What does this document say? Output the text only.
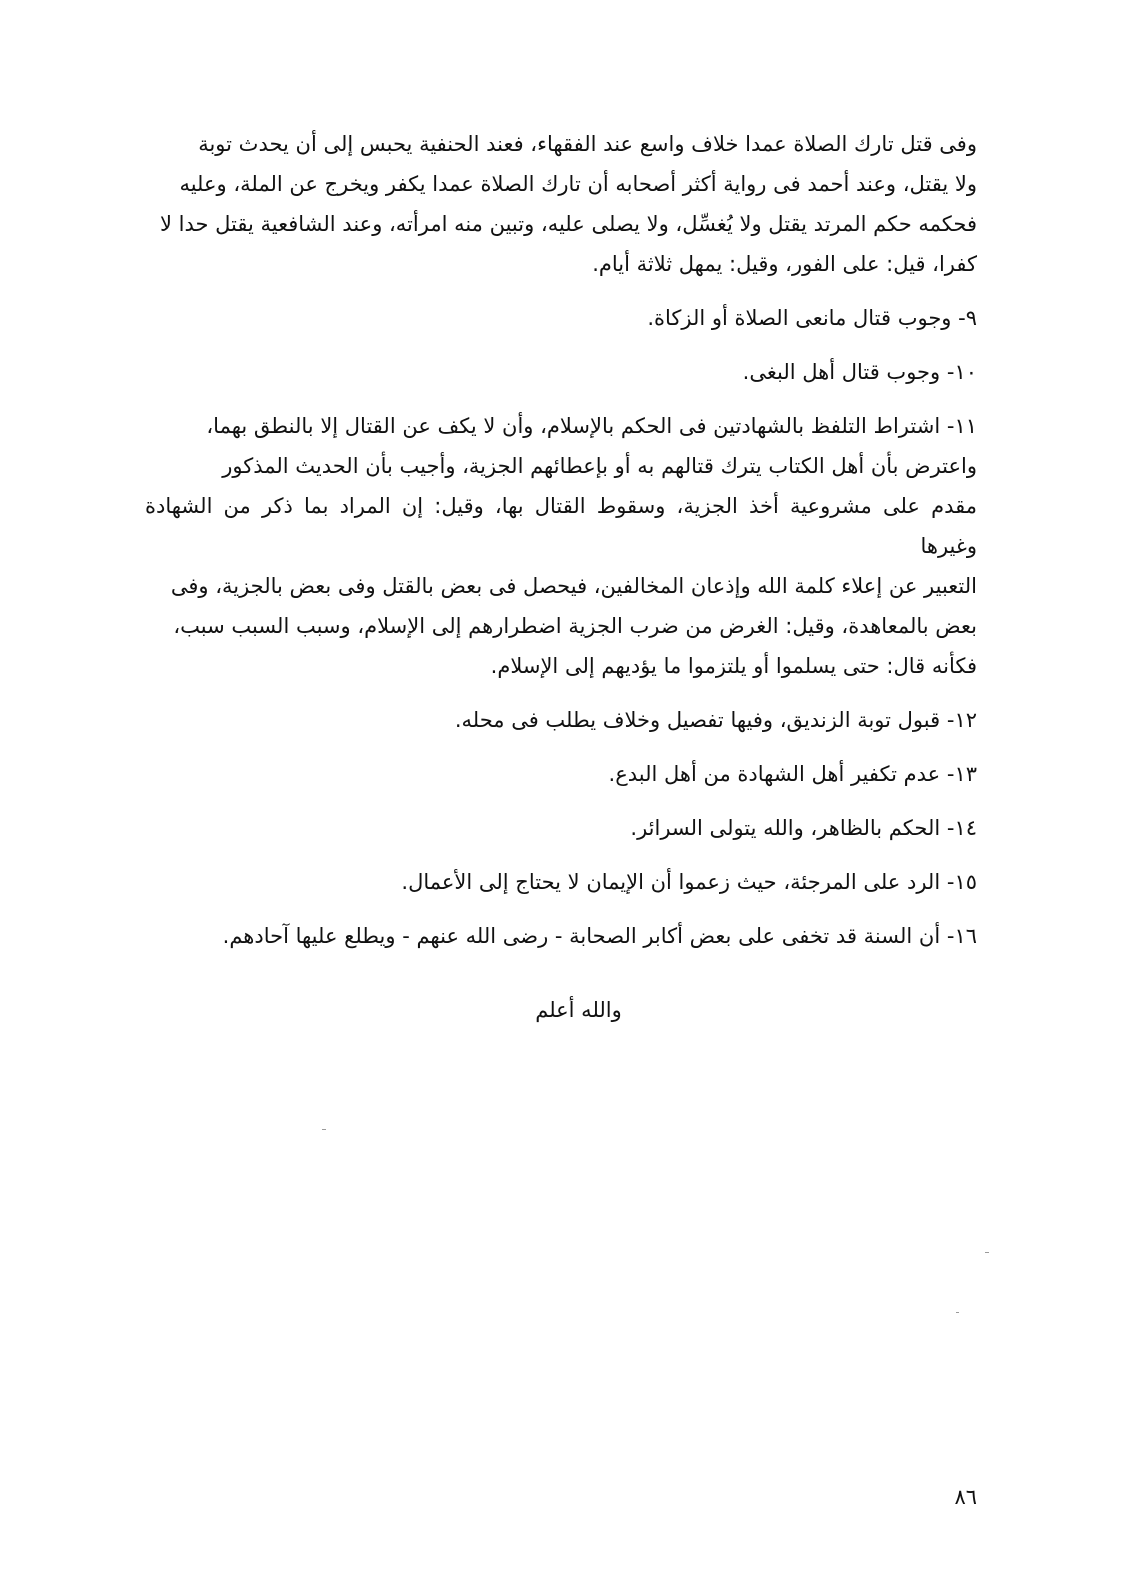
وفى قتل تارك الصلاة عمدا خلاف واسع عند الفقهاء، فعند الحنفية يحبس إلى أن يحدث توبة
ولا يقتل، وعند أحمد فى رواية أكثر أصحابه أن تارك الصلاة عمدا يكفر ويخرج عن الملة، وعليه
فحكمه حكم المرتد يقتل ولا يُغسِّل، ولا يصلى عليه، وتبين منه امرأته، وعند الشافعية يقتل حدا لا
كفرا، قيل: على الفور، وقيل: يمهل ثلاثة أيام.
٩- وجوب قتال مانعى الصلاة أو الزكاة.
١٠- وجوب قتال أهل البغى.
١١- اشتراط التلفظ بالشهادتين فى الحكم بالإسلام، وأن لا يكف عن القتال إلا بالنطق بهما،
واعترض بأن أهل الكتاب يترك قتالهم به أو بإعطائهم الجزية، وأجيب بأن الحديث المذكور
مقدم على مشروعية أخذ الجزية، وسقوط القتال بها، وقيل: إن المراد بما ذكر من الشهادة وغيرها
التعبير عن إعلاء كلمة الله وإذعان المخالفين، فيحصل فى بعض بالقتل وفى بعض بالجزية، وفى
بعض بالمعاهدة، وقيل: الغرض من ضرب الجزية اضطرارهم إلى الإسلام، وسبب السبب سبب،
فكأنه قال: حتى يسلموا أو يلتزموا ما يؤديهم إلى الإسلام.
١٢- قبول توبة الزنديق، وفيها تفصيل وخلاف يطلب فى محله.
١٣- عدم تكفير أهل الشهادة من أهل البدع.
١٤- الحكم بالظاهر، والله يتولى السرائر.
١٥- الرد على المرجئة، حيث زعموا أن الإيمان لا يحتاج إلى الأعمال.
١٦- أن السنة قد تخفى على بعض أكابر الصحابة - رضى الله عنهم - ويطلع عليها آحادهم.
والله أعلم
٨٦
